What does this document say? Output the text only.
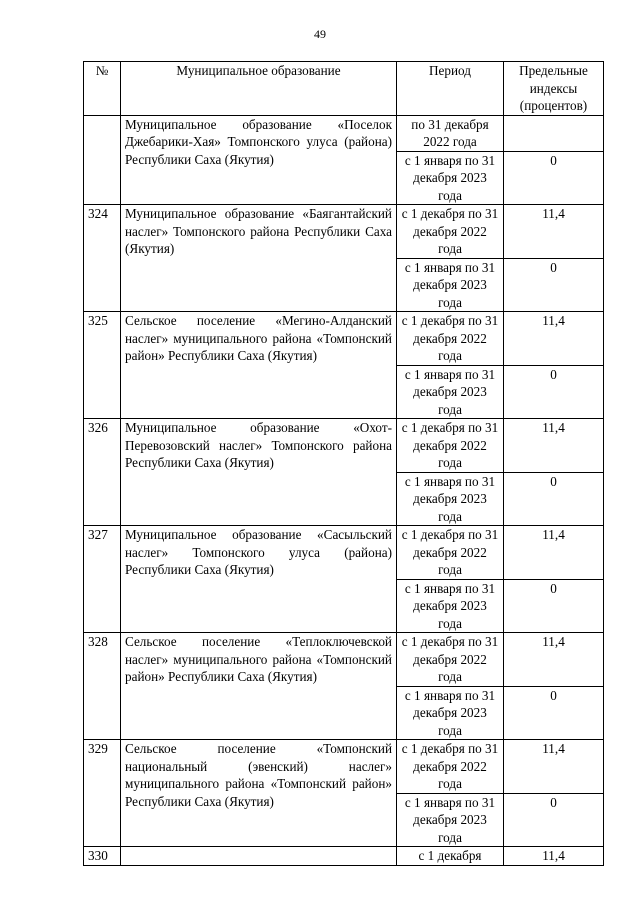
49
№	Муниципальное образование	Период	Предельные индексы (процентов)
	Муниципальное образование «Поселок Джебарики-Хая» Томпонского улуса (района) Республики Саха (Якутия)	по 31 декабря 2022 года	
		с 1 января по 31 декабря 2023 года	0
324	Муниципальное образование «Баягантайский наслег» Томпонского района Республики Саха (Якутия)	с 1 декабря по 31 декабря 2022 года	11,4
		с 1 января по 31 декабря 2023 года	0
325	Сельское поселение «Мегино-Алданский наслег» муниципального района «Томпонский район» Республики Саха (Якутия)	с 1 декабря по 31 декабря 2022 года	11,4
		с 1 января по 31 декабря 2023 года	0
326	Муниципальное образование «Охот-Перевозовский наслег» Томпонского района Республики Саха (Якутия)	с 1 декабря по 31 декабря 2022 года	11,4
		с 1 января по 31 декабря 2023 года	0
327	Муниципальное образование «Сасыльский наслег» Томпонского улуса (района) Республики Саха (Якутия)	с 1 декабря по 31 декабря 2022 года	11,4
		с 1 января по 31 декабря 2023 года	0
328	Сельское поселение «Теплоключевской наслег» муниципального района «Томпонский район» Республики Саха (Якутия)	с 1 декабря по 31 декабря 2022 года	11,4
		с 1 января по 31 декабря 2023 года	0
329	Сельское поселение «Томпонский национальный (эвенский) наслег» муниципального района «Томпонский район» Республики Саха (Якутия)	с 1 декабря по 31 декабря 2022 года	11,4
		с 1 января по 31 декабря 2023 года	0
330		с 1 декабря	11,4
